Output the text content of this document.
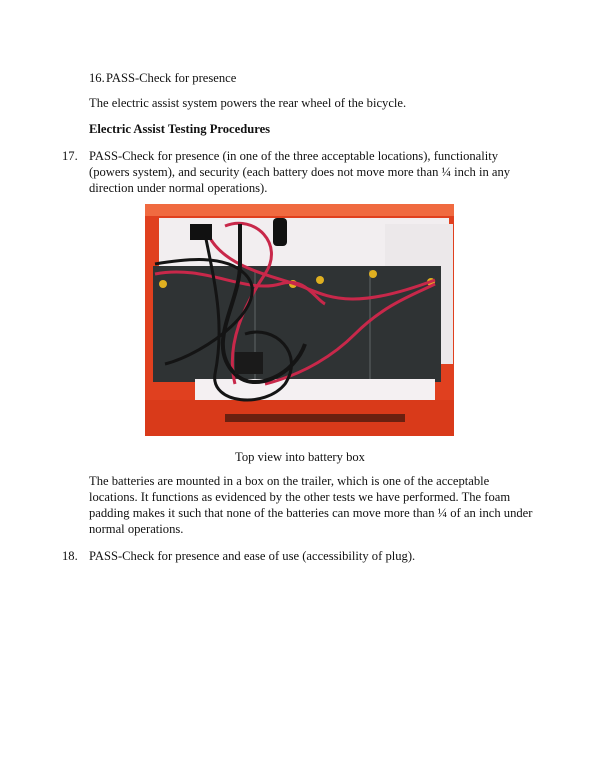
16. PASS-Check for presence

The electric assist system powers the rear wheel of the bicycle.

Electric Assist Testing Procedures

17. PASS-Check for presence (in one of the three acceptable locations), functionality (powers system), and security (each battery does not move more than ¼ inch in any direction under normal operations).
Top view into battery box

The batteries are mounted in a box on the trailer, which is one of the acceptable locations. It functions as evidenced by the other tests we have performed. The foam padding makes it such that none of the batteries can move more than ¼ of an inch under normal operations.

18. PASS-Check for presence and ease of use (accessibility of plug).
